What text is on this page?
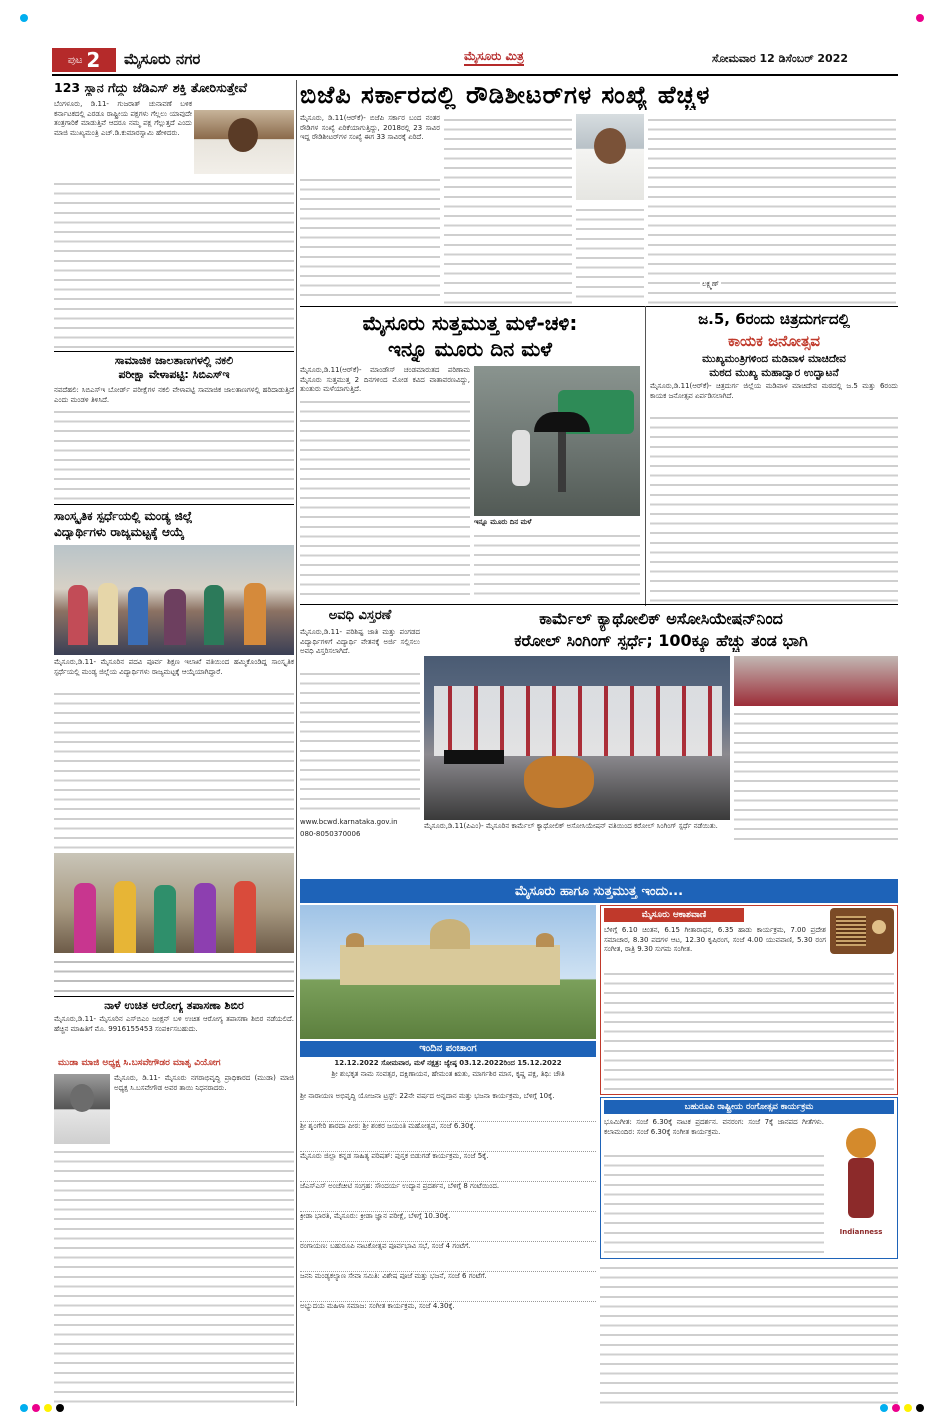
ಪುಟ 2 ಮೈಸೂರು ನಗರ	ಮೈಸೂರು ಮಿತ್ರ	ಸೋಮವಾರ 12 ಡಿಸೆಂಬರ್ 2022
123 ಸ್ಥಾನ ಗೆದ್ದು ಜೆಡಿಎಸ್ ಶಕ್ತಿ ತೋರಿಸುತ್ತೇವೆ
ಬೆಂಗಳೂರು, ಡಿ.11- ಗುಜರಾತ್ ಚುನಾವಣೆ ಬಳಿಕ ಕರ್ನಾಟಕದಲ್ಲಿ ಎರಡೂ ರಾಷ್ಟ್ರೀಯ ಪಕ್ಷಗಳು ಗೆಲ್ಲಲು ಯಾವುದೇ ತಂತ್ರಗಾರಿಕೆ ಮಾಡುತ್ತಿವೆ ಆದರೂ ನಮ್ಮ ಪಕ್ಷ ಗೆಲ್ಲುತ್ತದೆ ಎಂದು ಮಾಜಿ ಮುಖ್ಯಮಂತ್ರಿ ಎಚ್.ಡಿ.ಕುಮಾರಸ್ವಾಮಿ ಹೇಳಿದರು.
ಸಾಮಾಜಿಕ ಜಾಲತಾಣಗಳಲ್ಲಿ ನಕಲಿ
ಪರೀಕ್ಷಾ ವೇಳಾಪಟ್ಟಿ: ಸಿಬಿಎಸ್‌ಇ
ನವದೆಹಲಿ: ಸಿಬಿಎಸ್‌ಇ ಬೋರ್ಡ್ ಪರೀಕ್ಷೆಗಳ ನಕಲಿ ವೇಳಾಪಟ್ಟಿ ಸಾಮಾಜಿಕ ಜಾಲತಾಣಗಳಲ್ಲಿ ಹರಿದಾಡುತ್ತಿದೆ ಎಂದು ಮಂಡಳಿ ತಿಳಿಸಿದೆ.
ಸಾಂಸ್ಕೃತಿಕ ಸ್ಪರ್ಧೆಯಲ್ಲಿ ಮಂಡ್ಯ ಜಿಲ್ಲೆ
ವಿದ್ಯಾರ್ಥಿಗಳು ರಾಜ್ಯಮಟ್ಟಕ್ಕೆ ಆಯ್ಕೆ
ಮೈಸೂರು,ಡಿ.11- ಮೈಸೂರಿನ ಪದವಿ ಪೂರ್ವ ಶಿಕ್ಷಣ ಇಲಾಖೆ ವತಿಯಿಂದ ಹಮ್ಮಿಕೊಂಡಿದ್ದ ಸಾಂಸ್ಕೃತಿಕ ಸ್ಪರ್ಧೆಯಲ್ಲಿ ಮಂಡ್ಯ ಜಿಲ್ಲೆಯ ವಿದ್ಯಾರ್ಥಿಗಳು ರಾಜ್ಯಮಟ್ಟಕ್ಕೆ ಆಯ್ಕೆಯಾಗಿದ್ದಾರೆ.
ನಾಳೆ ಉಚಿತ ಆರೋಗ್ಯ ತಪಾಸಣಾ ಶಿಬಿರ
ಮೈಸೂರು,ಡಿ.11- ಮೈಸೂರಿನ ಎಸ್‌ಬಿಎಂ ಜಂಕ್ಷನ್ ಬಳಿ ಉಚಿತ ಆರೋಗ್ಯ ತಪಾಸಣಾ ಶಿಬಿರ ನಡೆಯಲಿದೆ. ಹೆಚ್ಚಿನ ಮಾಹಿತಿಗೆ ಮೊ. 9916155453 ಸಂಪರ್ಕಿಸಬಹುದು.
ಮುಡಾ ಮಾಜಿ ಅಧ್ಯಕ್ಷ ಸಿ.ಬಸವೇಗೌಡರ ಮಾತೃ ವಿಯೋಗ
ಮೈಸೂರು, ಡಿ.11- ಮೈಸೂರು ನಗರಾಭಿವೃದ್ಧಿ ಪ್ರಾಧಿಕಾರದ (ಮುಡಾ) ಮಾಜಿ ಅಧ್ಯಕ್ಷ ಸಿ.ಬಸವೇಗೌಡ ಅವರ ತಾಯಿ ನಿಧನರಾದರು.
ಬಿಜೆಪಿ ಸರ್ಕಾರದಲ್ಲಿ ರೌಡಿಶೀಟರ್‌ಗಳ ಸಂಖ್ಯೆ ಹೆಚ್ಚಳ
ಮೈಸೂರು, ಡಿ.11(ಆರ್‌ಕೆ)- ಬಿಜೆಪಿ ಸರ್ಕಾರ ಬಂದ ನಂತರ ರೌಡಿಗಳ ಸಂಖ್ಯೆ ಏರಿಕೆಯಾಗುತ್ತಿದ್ದು, 2018ರಲ್ಲಿ 23 ಸಾವಿರ ಇದ್ದ ರೌಡಿಶೀಟರ್‌ಗಳ ಸಂಖ್ಯೆ ಈಗ 33 ಸಾವಿರಕ್ಕೆ ಏರಿದೆ.
ಲಕ್ಷ್ಮಣ್
ಮೈಸೂರು ಸುತ್ತಮುತ್ತ ಮಳೆ-ಚಳಿ:
ಇನ್ನೂ ಮೂರು ದಿನ ಮಳೆ
ಮೈಸೂರು,ಡಿ.11(ಆರ್‌ಕೆ)- ಮಾಂಡೌಸ್ ಚಂಡಮಾರುತದ ಪರಿಣಾಮ ಮೈಸೂರು ಸುತ್ತಮುತ್ತ 2 ದಿನಗಳಿಂದ ಮೋಡ ಕವಿದ ವಾತಾವರಣವಿದ್ದು, ತುಂತುರು ಮಳೆಯಾಗುತ್ತಿದೆ.
ಇನ್ನೂ ಮೂರು ದಿನ ಮಳೆ
ಜ.5, 6ರಂದು ಚಿತ್ರದುರ್ಗದಲ್ಲಿ
ಕಾಯಕ ಜನೋತ್ಸವ
ಮುಖ್ಯಮಂತ್ರಿಗಳಿಂದ ಮಡಿವಾಳ ಮಾಚಿದೇವ
ಮಠದ ಮುಖ್ಯ ಮಹಾದ್ವಾರ ಉದ್ಘಾಟನೆ
ಮೈಸೂರು,ಡಿ.11(ಆರ್‌ಕೆ)- ಚಿತ್ರದುರ್ಗ ಜಿಲ್ಲೆಯ ಮಡಿವಾಳ ಮಾಚಿದೇವ ಮಠದಲ್ಲಿ ಜ.5 ಮತ್ತು 6ರಂದು ಕಾಯಕ ಜನೋತ್ಸವ ಏರ್ಪಡಿಸಲಾಗಿದೆ.
ಅವಧಿ ವಿಸ್ತರಣೆ
ಮೈಸೂರು,ಡಿ.11- ಪರಿಶಿಷ್ಟ ಜಾತಿ ಮತ್ತು ಪಂಗಡದ ವಿದ್ಯಾರ್ಥಿಗಳಿಗೆ ವಿದ್ಯಾರ್ಥಿ ವೇತನಕ್ಕೆ ಅರ್ಜಿ ಸಲ್ಲಿಸಲು ಅವಧಿ ವಿಸ್ತರಿಸಲಾಗಿದೆ.
www.bcwd.karnataka.gov.in
080-8050370006
ಕಾರ್ಮೆಲ್ ಕ್ಯಾಥೋಲಿಕ್ ಅಸೋಸಿಯೇಷನ್‌ನಿಂದ
ಕರೋಲ್ ಸಿಂಗಿಂಗ್ ಸ್ಪರ್ಧೆ; 100ಕ್ಕೂ ಹೆಚ್ಚು ತಂಡ ಭಾಗಿ
ಮೈಸೂರು,ಡಿ.11(ಪಿಎಂ)- ಮೈಸೂರಿನ ಕಾರ್ಮೆಲ್ ಕ್ಯಾಥೋಲಿಕ್ ಅಸೋಸಿಯೇಷನ್ ವತಿಯಿಂದ ಕರೋಲ್ ಸಿಂಗಿಂಗ್ ಸ್ಪರ್ಧೆ ನಡೆಯಿತು.
ಮೈಸೂರು ಹಾಗೂ ಸುತ್ತಮುತ್ತ ಇಂದು...
ಇಂದಿನ ಪಂಚಾಂಗ
12.12.2022 ಸೋಮವಾರ, ಮಳೆ ನಕ್ಷತ್ರ: ಜ್ಯೇಷ್ಠ 03.12.2022ರಿಂದ 15.12.2022
ಶ್ರೀ ಶುಭಕೃತ ನಾಮ ಸಂವತ್ಸರ, ದಕ್ಷಿಣಾಯನ, ಹೇಮಂತ ಋತು, ಮಾರ್ಗಶಿರ ಮಾಸ, ಕೃಷ್ಣ ಪಕ್ಷ, ತಿಥಿ: ಚೌತಿ
ಶ್ರೀ ನಾರಾಯಣ ಅಭಿವೃದ್ಧಿ ಯೋಜನಾ ಟ್ರಸ್ಟ್: 22ನೇ ವರ್ಷದ ಅನ್ನದಾನ ಮತ್ತು ಭಜನಾ ಕಾರ್ಯಕ್ರಮ, ಬೆಳಿಗ್ಗೆ 10ಕ್ಕೆ.
ಶ್ರೀ ಶೃಂಗೇರಿ ಶಾರದಾ ಪೀಠ: ಶ್ರೀ ಶಂಕರ ಜಯಂತಿ ಮಹೋತ್ಸವ, ಸಂಜೆ 6.30ಕ್ಕೆ.
ಮೈಸೂರು ಜಿಲ್ಲಾ ಕನ್ನಡ ಸಾಹಿತ್ಯ ಪರಿಷತ್: ಪುಸ್ತಕ ಬಿಡುಗಡೆ ಕಾರ್ಯಕ್ರಮ, ಸಂಜೆ 5ಕ್ಕೆ.
ಜೆಎಸ್‌ಎಸ್ ಅಂಚೆಚೀಟಿ ಸಂಗ್ರಹ: ಸೌಂದರ್ಯ ಉದ್ಯಾನ ಪ್ರದರ್ಶನ, ಬೆಳಿಗ್ಗೆ 8 ಗಂಟೆಯಿಂದ.
ಕ್ರೀಡಾ ಭಾರತಿ, ಮೈಸೂರು: ಕ್ರೀಡಾ ಜ್ಞಾನ ಪರೀಕ್ಷೆ, ಬೆಳಿಗ್ಗೆ 10.30ಕ್ಕೆ.
ರಂಗಾಯಣ: ಬಹುರೂಪಿ ನಾಟಕೋತ್ಸವ ಪೂರ್ವಭಾವಿ ಸಭೆ, ಸಂಜೆ 4 ಗಂಟೆಗೆ.
ಜನನಿ ಮಂಡ್ಯಕಲ್ಯಾಣ ಸೇವಾ ಸಮಿತಿ: ವಿಶೇಷ ಪೂಜೆ ಮತ್ತು ಭಜನೆ, ಸಂಜೆ 6 ಗಂಟೆಗೆ.
ಅಭ್ಯುದಯ ಮಹಿಳಾ ಸಮಾಜ: ಸಂಗೀತ ಕಾರ್ಯಕ್ರಮ, ಸಂಜೆ 4.30ಕ್ಕೆ.
ಮೈಸೂರು ಆಕಾಶವಾಣಿ
ಬೆಳಿಗ್ಗೆ 6.10 ಚಿಂತನ, 6.15 ಗೀತಾರಾಧನ, 6.35 ಹಾಡು ಕಾರ್ಯಕ್ರಮ, 7.00 ಪ್ರದೇಶ ಸಮಾಚಾರ, 8.30 ಪದಗಳ ಆಟ, 12.30 ಕೃಷಿರಂಗ, ಸಂಜೆ 4.00 ಯುವವಾಣಿ, 5.30 ರಂಗ ಸಂಗೀತ, ರಾತ್ರಿ 9.30 ಸುಗಮ ಸಂಗೀತ.
ಬಹುರೂಪಿ ರಾಷ್ಟ್ರೀಯ ರಂಗೋತ್ಸವ ಕಾರ್ಯಕ್ರಮ
ಭೂಮಿಗೀತ: ಸಂಜೆ 6.30ಕ್ಕೆ ನಾಟಕ ಪ್ರದರ್ಶನ. ವನರಂಗ: ಸಂಜೆ 7ಕ್ಕೆ ಜಾನಪದ ಗೀತೆಗಳು. ಕಲಾಮಂದಿರ: ಸಂಜೆ 6.30ಕ್ಕೆ ಸಂಗೀತ ಕಾರ್ಯಕ್ರಮ.
Indianness
